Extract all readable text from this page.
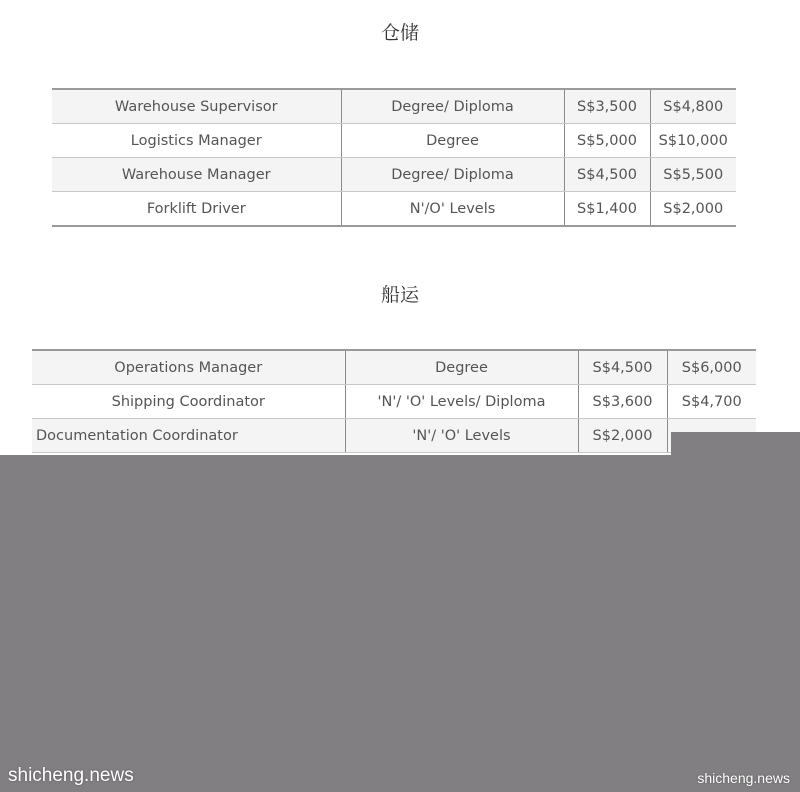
仓储
Warehouse Supervisor	Degree/ Diploma	S$3,500	S$4,800
Logistics Manager	Degree	S$5,000	S$10,000
Warehouse Manager	Degree/ Diploma	S$4,500	S$5,500
Forklift Driver	N'/O' Levels	S$1,400	S$2,000
船运
Operations Manager	Degree	S$4,500	S$6,000
Shipping Coordinator	'N'/ 'O' Levels/ Diploma	S$3,600	S$4,700
Documentation Coordinator	'N'/ 'O' Levels	S$2,000	
shicheng.news	shicheng.news
